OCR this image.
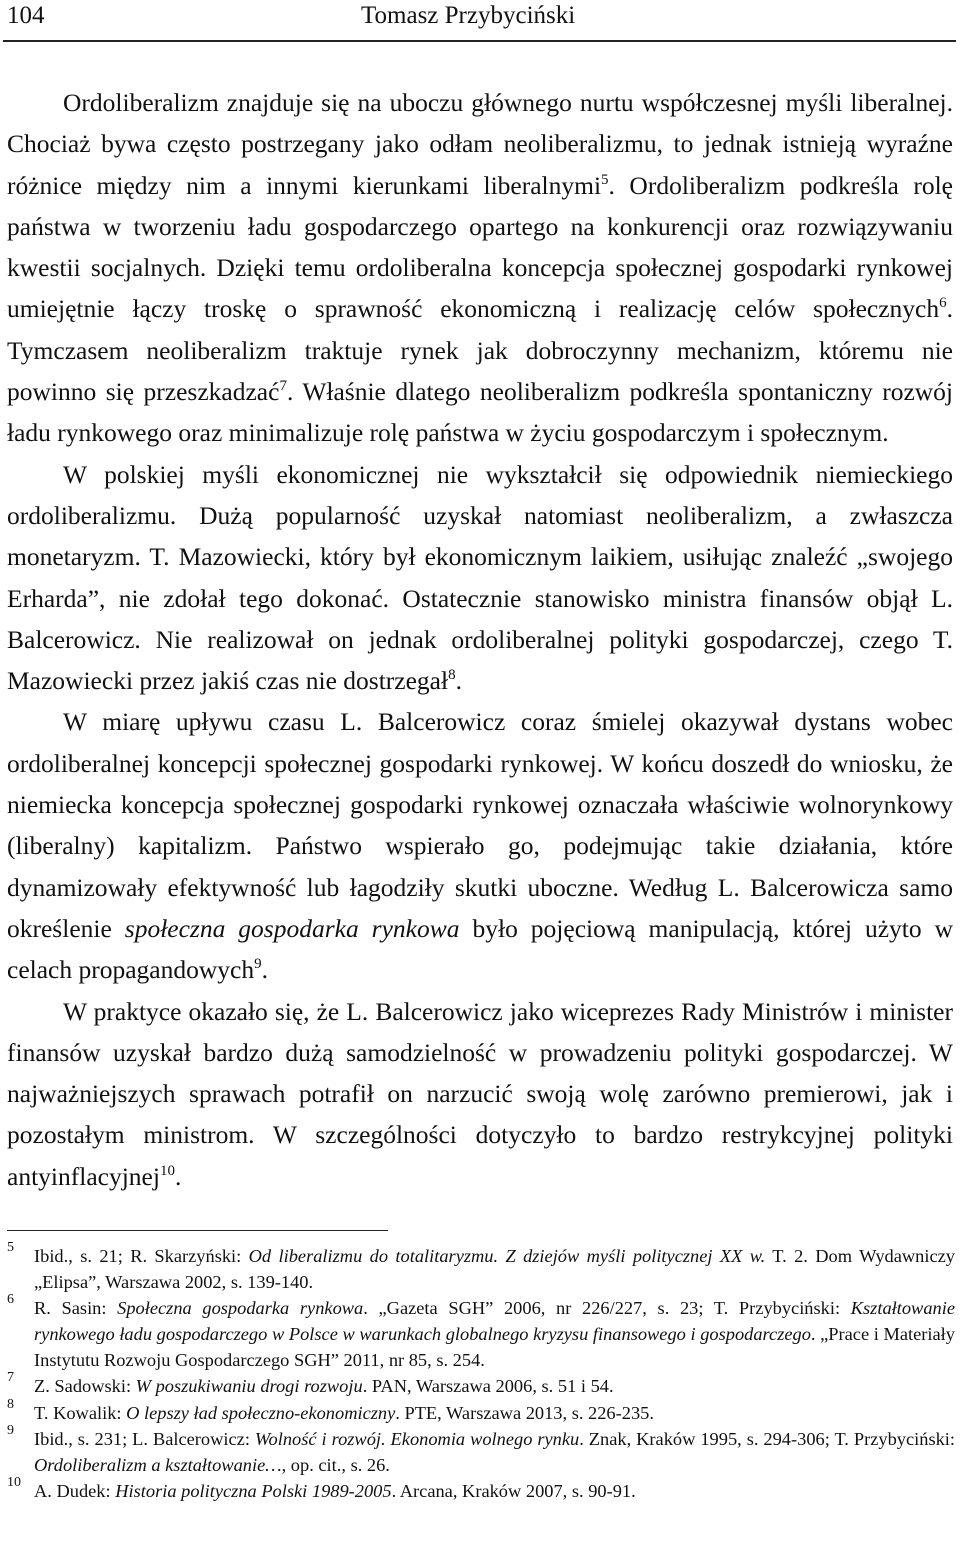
104	Tomasz Przybyciński

Ordoliberalizm znajduje się na uboczu głównego nurtu współczesnej myśli liberalnej. Chociaż bywa często postrzegany jako odłam neoliberalizmu, to jednak istnieją wyraźne różnice między nim a innymi kierunkami liberalnymi$^5$. Ordoliberalizm podkreśla rolę państwa w tworzeniu ładu gospodarczego opartego na konkurencji oraz rozwiązywaniu kwestii socjalnych. Dzięki temu ordoliberalna koncepcja społecznej gospodarki rynkowej umiejętnie łączy troskę o sprawność ekonomiczną i realizację celów społecznych$^6$. Tymczasem neoliberalizm traktuje rynek jak dobroczynny mechanizm, któremu nie powinno się przeszkadzać$^7$. Właśnie dlatego neoliberalizm podkreśla spontaniczny rozwój ładu rynkowego oraz minimalizuje rolę państwa w życiu gospodarczym i społecznym.

W polskiej myśli ekonomicznej nie wykształcił się odpowiednik niemieckiego ordoliberalizmu. Dużą popularność uzyskał natomiast neoliberalizm, a zwłaszcza monetaryzm. T. Mazowiecki, który był ekonomicznym laikiem, usiłując znaleźć „swojego Erharda”, nie zdołał tego dokonać. Ostatecznie stanowisko ministra finansów objął L. Balcerowicz. Nie realizował on jednak ordoliberalnej polityki gospodarczej, czego T. Mazowiecki przez jakiś czas nie dostrzegał$^8$.

W miarę upływu czasu L. Balcerowicz coraz śmielej okazywał dystans wobec ordoliberalnej koncepcji społecznej gospodarki rynkowej. W końcu doszedł do wniosku, że niemiecka koncepcja społecznej gospodarki rynkowej oznaczała właściwie wolnorynkowy (liberalny) kapitalizm. Państwo wspierało go, podejmując takie działania, które dynamizowały efektywność lub łagodziły skutki uboczne. Według L. Balcerowicza samo określenie społeczna gospodarka rynkowa było pojęciową manipulacją, której użyto w celach propagandowych$^9$.

W praktyce okazało się, że L. Balcerowicz jako wiceprezes Rady Ministrów i minister finansów uzyskał bardzo dużą samodzielność w prowadzeniu polityki gospodarczej. W najważniejszych sprawach potrafił on narzucić swoją wolę zarówno premierowi, jak i pozostałym ministrom. W szczególności dotyczyło to bardzo restrykcyjnej polityki antyinflacyjnej$^{10}$.

5 Ibid., s. 21; R. Skarzyński: Od liberalizmu do totalitaryzmu. Z dziejów myśli politycznej XX w. T. 2. Dom Wydawniczy „Elipsa”, Warszawa 2002, s. 139-140.

6 R. Sasin: Społeczna gospodarka rynkowa. „Gazeta SGH” 2006, nr 226/227, s. 23; T. Przybyciński: Kształtowanie rynkowego ładu gospodarczego w Polsce w warunkach globalnego kryzysu finansowego i gospodarczego. „Prace i Materiały Instytutu Rozwoju Gospodarczego SGH” 2011, nr 85, s. 254.

7 Z. Sadowski: W poszukiwaniu drogi rozwoju. PAN, Warszawa 2006, s. 51 i 54.

8 T. Kowalik: O lepszy ład społeczno-ekonomiczny. PTE, Warszawa 2013, s. 226-235.

9 Ibid., s. 231; L. Balcerowicz: Wolność i rozwój. Ekonomia wolnego rynku. Znak, Kraków 1995, s. 294-306; T. Przybyciński: Ordoliberalizm a kształtowanie…, op. cit., s. 26.

10 A. Dudek: Historia polityczna Polski 1989-2005. Arcana, Kraków 2007, s. 90-91.
